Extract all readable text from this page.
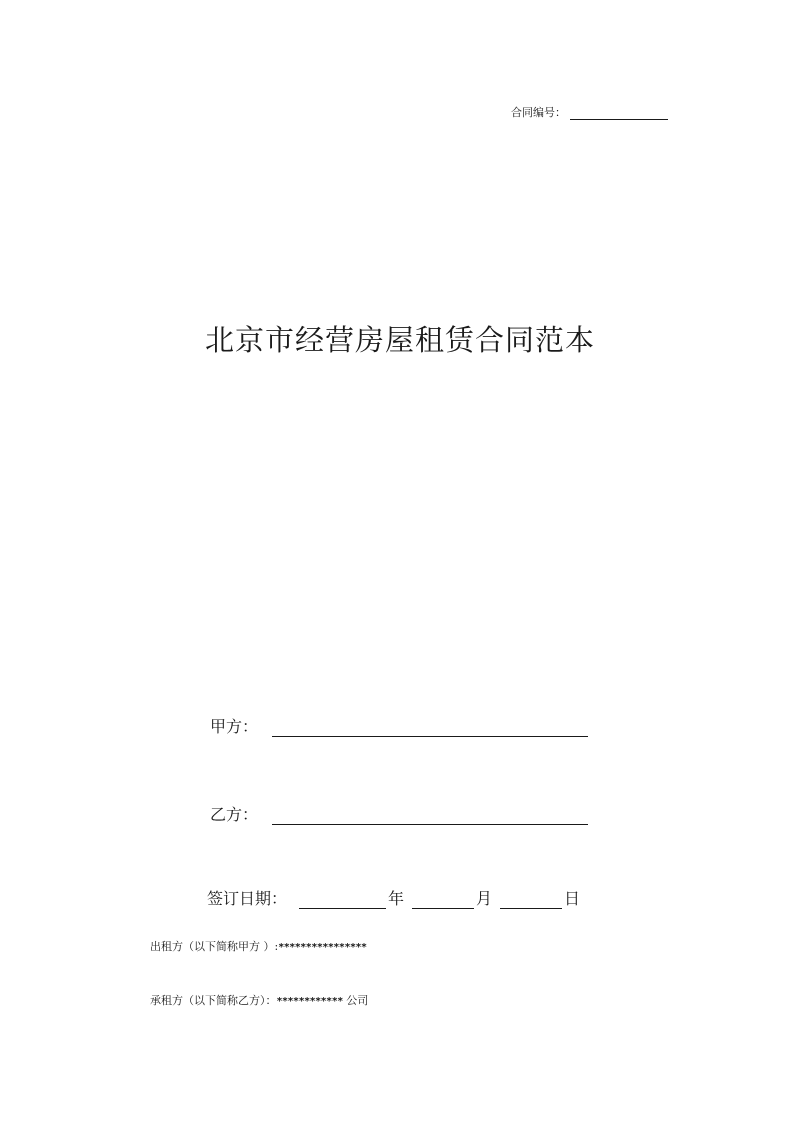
合同编号：
北京市经营房屋租赁合同范本
甲方：
乙方：
签订日期：	年	月	日
出租方（以下简称甲方 ）:****************
承租方（以下简称乙方）：************ 公司
